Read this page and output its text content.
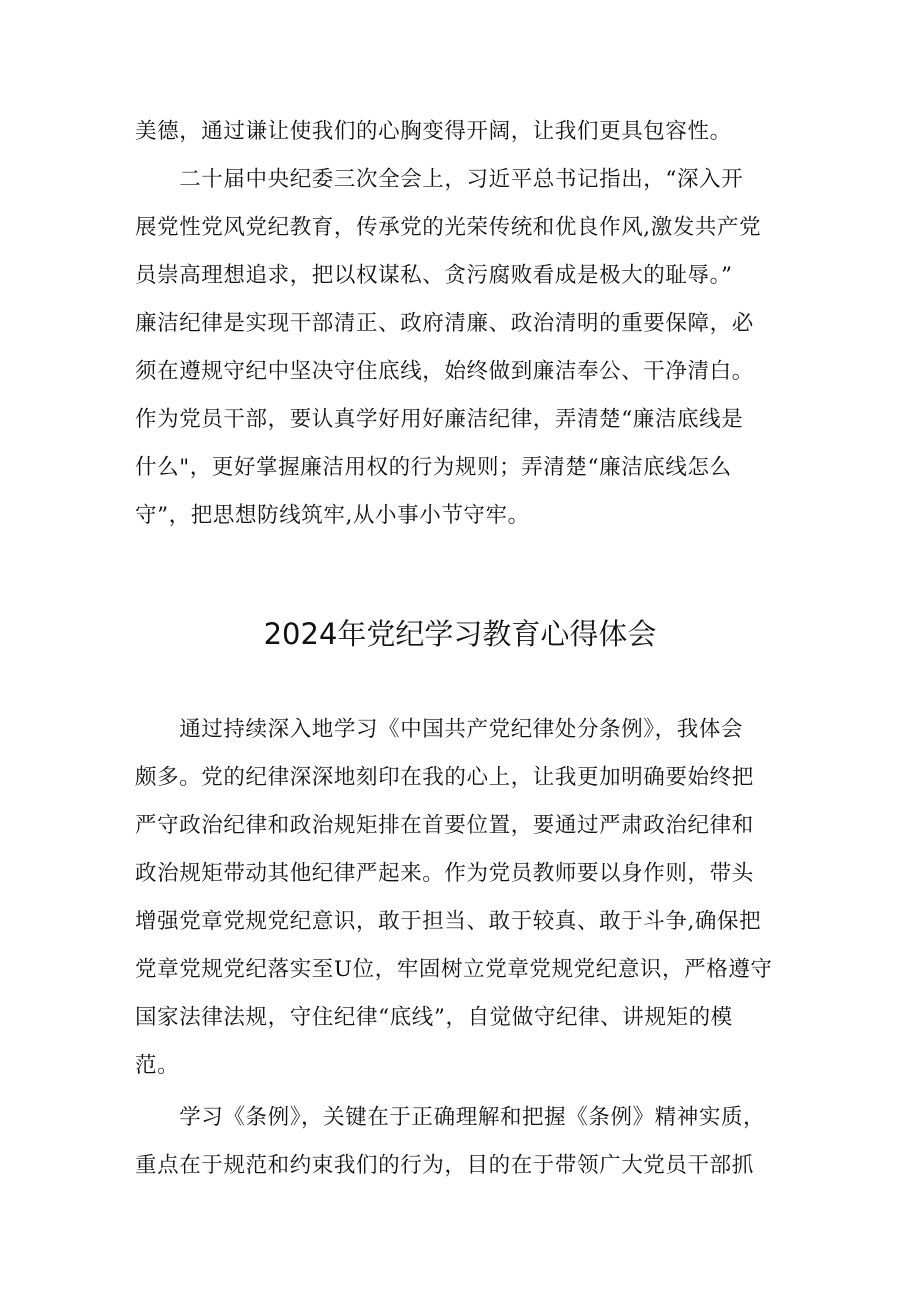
美德，通过谦让使我们的心胸变得开阔，让我们更具包容性。
　　二十届中央纪委三次全会上，习近平总书记指出，“深入开
展党性党风党纪教育，传承党的光荣传统和优良作风,激发共产党
员崇高理想追求，把以权谋私、贪污腐败看成是极大的耻辱。”
廉洁纪律是实现干部清正、政府清廉、政治清明的重要保障，必
须在遵规守纪中坚决守住底线，始终做到廉洁奉公、干净清白。
作为党员干部，要认真学好用好廉洁纪律，弄清楚“廉洁底线是
什么"，更好掌握廉洁用权的行为规则；弄清楚“廉洁底线怎么
守”，把思想防线筑牢,从小事小节守牢。
2024年党纪学习教育心得体会
　　通过持续深入地学习《中国共产党纪律处分条例》，我体会
颇多。党的纪律深深地刻印在我的心上，让我更加明确要始终把
严守政治纪律和政治规矩排在首要位置，要通过严肃政治纪律和
政治规矩带动其他纪律严起来。作为党员教师要以身作则，带头
增强党章党规党纪意识，敢于担当、敢于较真、敢于斗争,确保把
党章党规党纪落实至U位，牢固树立党章党规党纪意识，严格遵守
国家法律法规，守住纪律“底线”，自觉做守纪律、讲规矩的模
范。
　　学习《条例》，关键在于正确理解和把握《条例》精神实质，
重点在于规范和约束我们的行为，目的在于带领广大党员干部抓
